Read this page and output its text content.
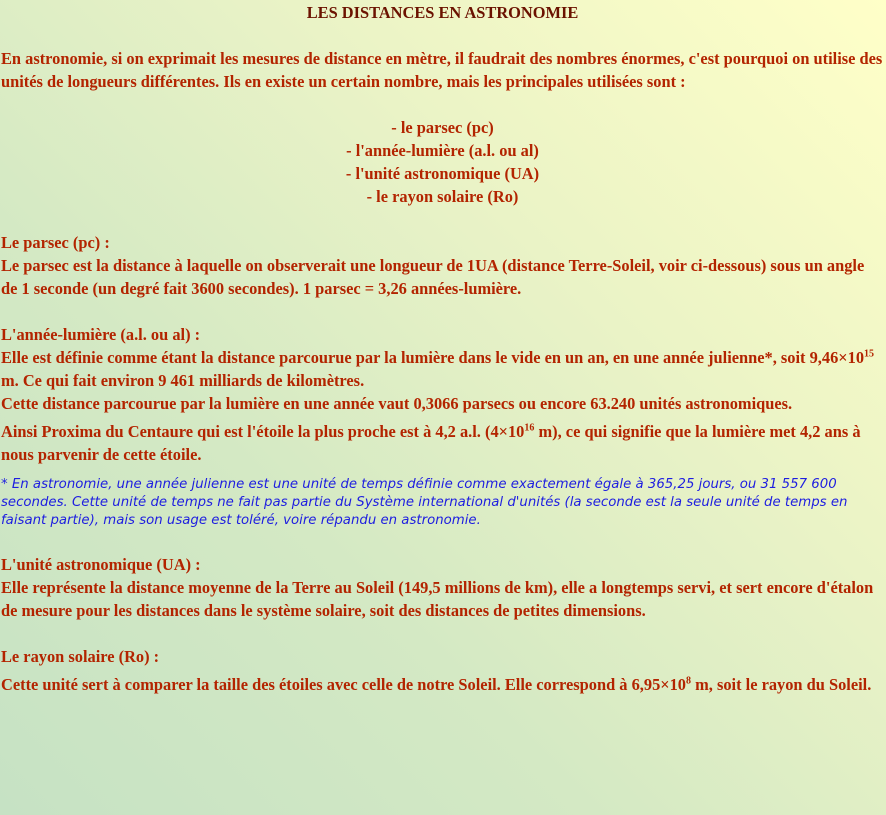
LES DISTANCES EN ASTRONOMIE

En astronomie, si on exprimait les mesures de distance en mètre, il faudrait des nombres énormes, c'est pourquoi on utilise des unités de longueurs différentes. Ils en existe un certain nombre, mais les principales utilisées sont :

- le parsec (pc)
- l'année-lumière (a.l. ou al)
- l'unité astronomique (UA)
- le rayon solaire (Ro)
Le parsec (pc) :

Le parsec est la distance à laquelle on observerait une longueur de 1UA (distance Terre-Soleil, voir ci-dessous) sous un angle de 1 seconde (un degré fait 3600 secondes). 1 parsec = 3,26 années-lumière.

L'année-lumière (a.l. ou al) :

Elle est définie comme étant la distance parcourue par la lumière dans le vide en un an, en une année julienne*, soit $9,46\times 10^{15}$ m. Ce qui fait environ 9 461 milliards de kilomètres.

Cette distance parcourue par la lumière en une année vaut 0,3066 parsecs ou encore 63.240 unités astronomiques.

Ainsi Proxima du Centaure qui est l'étoile la plus proche est à 4,2 a.l. ($4\times 10^{16}$ m), ce qui signifie que la lumière met 4,2 ans à nous parvenir de cette étoile.

* En astronomie, une année julienne est une unité de temps définie comme exactement égale à 365,25 jours, ou 31 557 600 secondes. Cette unité de temps ne fait pas partie du Système international d'unités (la seconde est la seule unité de temps en faisant partie), mais son usage est toléré, voire répandu en astronomie.

L'unité astronomique (UA) :

Elle représente la distance moyenne de la Terre au Soleil (149,5 millions de km), elle a longtemps servi, et sert encore d'étalon de mesure pour les distances dans le système solaire, soit des distances de petites dimensions.

Le rayon solaire (Ro) :

Cette unité sert à comparer la taille des étoiles avec celle de notre Soleil. Elle correspond à $6,95\times 10^8$ m, soit le rayon du Soleil.
